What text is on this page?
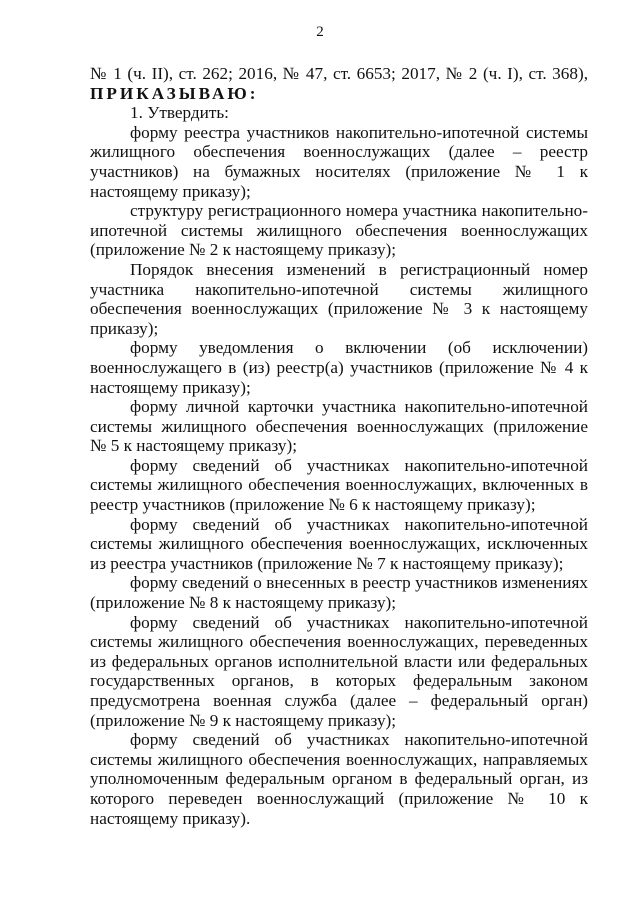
2

№ 1 (ч. II), ст. 262; 2016, № 47, ст. 6653; 2017, № 2 (ч. I), ст. 368), ПРИКАЗЫВАЮ:

1. Утвердить:

форму реестра участников накопительно-ипотечной системы жилищного обеспечения военнослужащих (далее – реестр участников) на бумажных носителях (приложение № 1 к настоящему приказу);

структуру регистрационного номера участника накопительно-ипотечной системы жилищного обеспечения военнослужащих (приложение № 2 к настоящему приказу);

Порядок внесения изменений в регистрационный номер участника накопительно-ипотечной системы жилищного обеспечения военнослужащих (приложение № 3 к настоящему приказу);

форму уведомления о включении (об исключении) военнослужащего в (из) реестр(а) участников (приложение № 4 к настоящему приказу);

форму личной карточки участника накопительно-ипотечной системы жилищного обеспечения военнослужащих (приложение № 5 к настоящему приказу);

форму сведений об участниках накопительно-ипотечной системы жилищного обеспечения военнослужащих, включенных в реестр участников (приложение № 6 к настоящему приказу);

форму сведений об участниках накопительно-ипотечной системы жилищного обеспечения военнослужащих, исключенных из реестра участников (приложение № 7 к настоящему приказу);

форму сведений о внесенных в реестр участников изменениях (приложение № 8 к настоящему приказу);

форму сведений об участниках накопительно-ипотечной системы жилищного обеспечения военнослужащих, переведенных из федеральных органов исполнительной власти или федеральных государственных органов, в которых федеральным законом предусмотрена военная служба (далее – федеральный орган) (приложение № 9 к настоящему приказу);

форму сведений об участниках накопительно-ипотечной системы жилищного обеспечения военнослужащих, направляемых уполномоченным федеральным органом в федеральный орган, из которого переведен военнослужащий (приложение № 10 к настоящему приказу).
